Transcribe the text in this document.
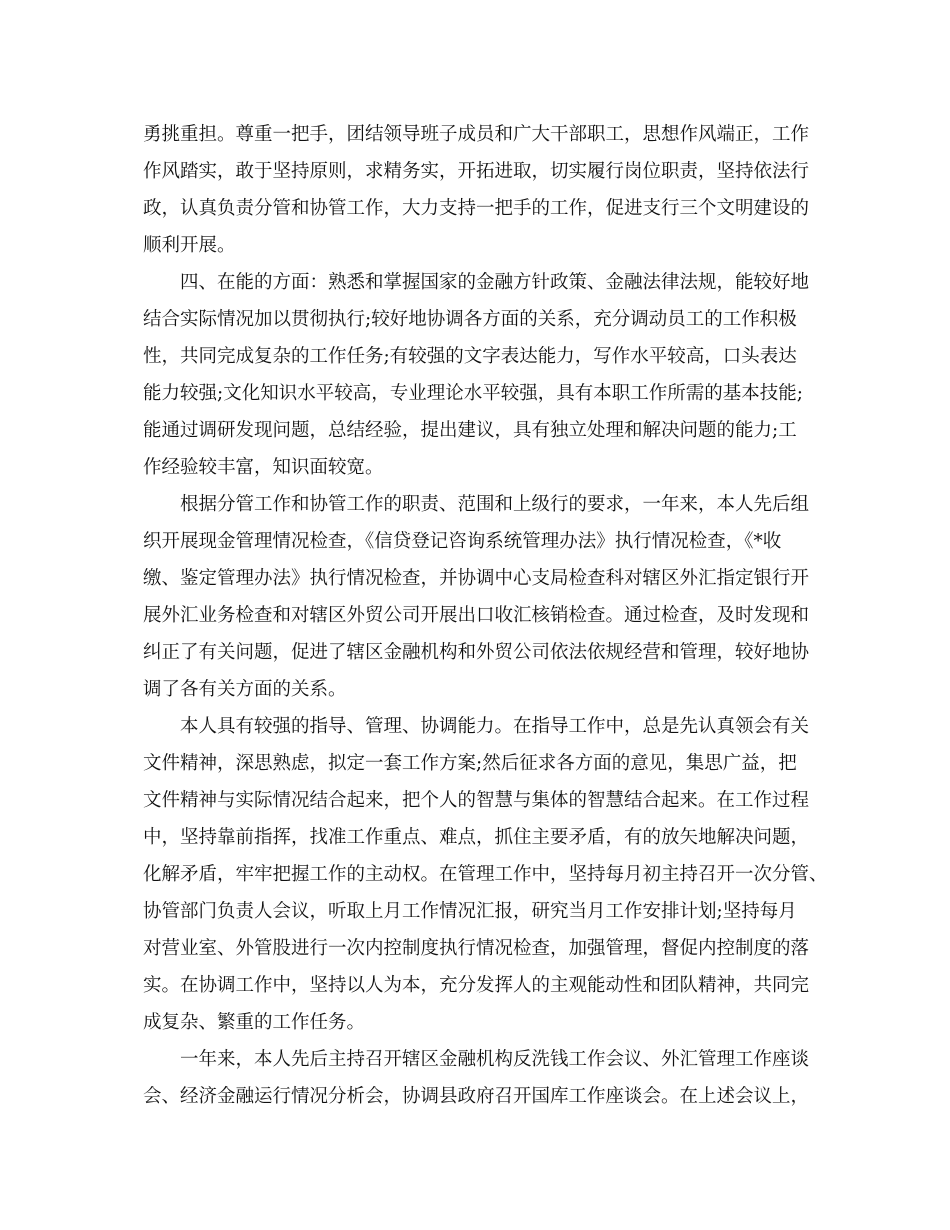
勇挑重担。尊重一把手，团结领导班子成员和广大干部职工，思想作风端正，工作
作风踏实，敢于坚持原则，求精务实，开拓进取，切实履行岗位职责，坚持依法行
政，认真负责分管和协管工作，大力支持一把手的工作，促进支行三个文明建设的
顺利开展。
四、在能的方面：熟悉和掌握国家的金融方针政策、金融法律法规，能较好地
结合实际情况加以贯彻执行;较好地协调各方面的关系，充分调动员工的工作积极
性，共同完成复杂的工作任务;有较强的文字表达能力，写作水平较高，口头表达
能力较强;文化知识水平较高，专业理论水平较强，具有本职工作所需的基本技能;
能通过调研发现问题，总结经验，提出建议，具有独立处理和解决问题的能力;工
作经验较丰富，知识面较宽。
根据分管工作和协管工作的职责、范围和上级行的要求，一年来，本人先后组
织开展现金管理情况检查，《信贷登记咨询系统管理办法》执行情况检查，《*收
缴、鉴定管理办法》执行情况检查，并协调中心支局检查科对辖区外汇指定银行开
展外汇业务检查和对辖区外贸公司开展出口收汇核销检查。通过检查，及时发现和
纠正了有关问题，促进了辖区金融机构和外贸公司依法依规经营和管理，较好地协
调了各有关方面的关系。
本人具有较强的指导、管理、协调能力。在指导工作中，总是先认真领会有关
文件精神，深思熟虑，拟定一套工作方案;然后征求各方面的意见，集思广益，把
文件精神与实际情况结合起来，把个人的智慧与集体的智慧结合起来。在工作过程
中，坚持靠前指挥，找准工作重点、难点，抓住主要矛盾，有的放矢地解决问题，
化解矛盾，牢牢把握工作的主动权。在管理工作中，坚持每月初主持召开一次分管、
协管部门负责人会议，听取上月工作情况汇报，研究当月工作安排计划;坚持每月
对营业室、外管股进行一次内控制度执行情况检查，加强管理，督促内控制度的落
实。在协调工作中，坚持以人为本，充分发挥人的主观能动性和团队精神，共同完
成复杂、繁重的工作任务。
一年来，本人先后主持召开辖区金融机构反洗钱工作会议、外汇管理工作座谈
会、经济金融运行情况分析会，协调县政府召开国库工作座谈会。在上述会议上，
